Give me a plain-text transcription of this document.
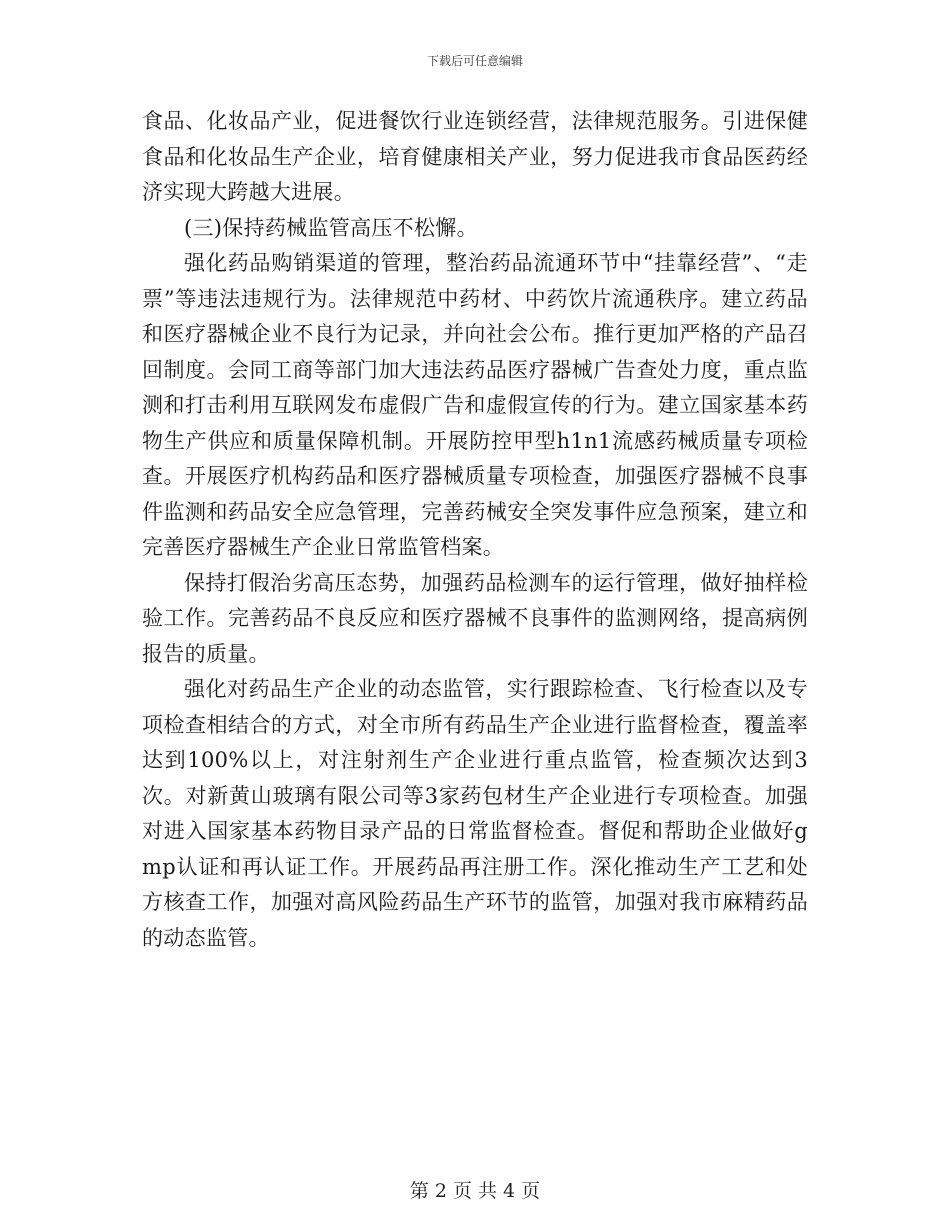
下载后可任意编辑

食品、化妆品产业，促进餐饮行业连锁经营，法律规范服务。引进保健食品和化妆品生产企业，培育健康相关产业，努力促进我市食品医药经济实现大跨越大进展。

(三)保持药械监管高压不松懈。

强化药品购销渠道的管理，整治药品流通环节中“挂靠经营”、“走票”等违法违规行为。法律规范中药材、中药饮片流通秩序。建立药品和医疗器械企业不良行为记录，并向社会公布。推行更加严格的产品召回制度。会同工商等部门加大违法药品医疗器械广告查处力度，重点监测和打击利用互联网发布虚假广告和虚假宣传的行为。建立国家基本药物生产供应和质量保障机制。开展防控甲型h1n1流感药械质量专项检查。开展医疗机构药品和医疗器械质量专项检查，加强医疗器械不良事件监测和药品安全应急管理，完善药械安全突发事件应急预案，建立和完善医疗器械生产企业日常监管档案。

保持打假治劣高压态势，加强药品检测车的运行管理，做好抽样检验工作。完善药品不良反应和医疗器械不良事件的监测网络，提高病例报告的质量。

强化对药品生产企业的动态监管，实行跟踪检查、飞行检查以及专项检查相结合的方式，对全市所有药品生产企业进行监督检查，覆盖率达到100%以上，对注射剂生产企业进行重点监管，检查频次达到3次。对新黄山玻璃有限公司等3家药包材生产企业进行专项检查。加强对进入国家基本药物目录产品的日常监督检查。督促和帮助企业做好gmp认证和再认证工作。开展药品再注册工作。深化推动生产工艺和处方核查工作，加强对高风险药品生产环节的监管，加强对我市麻精药品的动态监管。

第 2 页 共 4 页
